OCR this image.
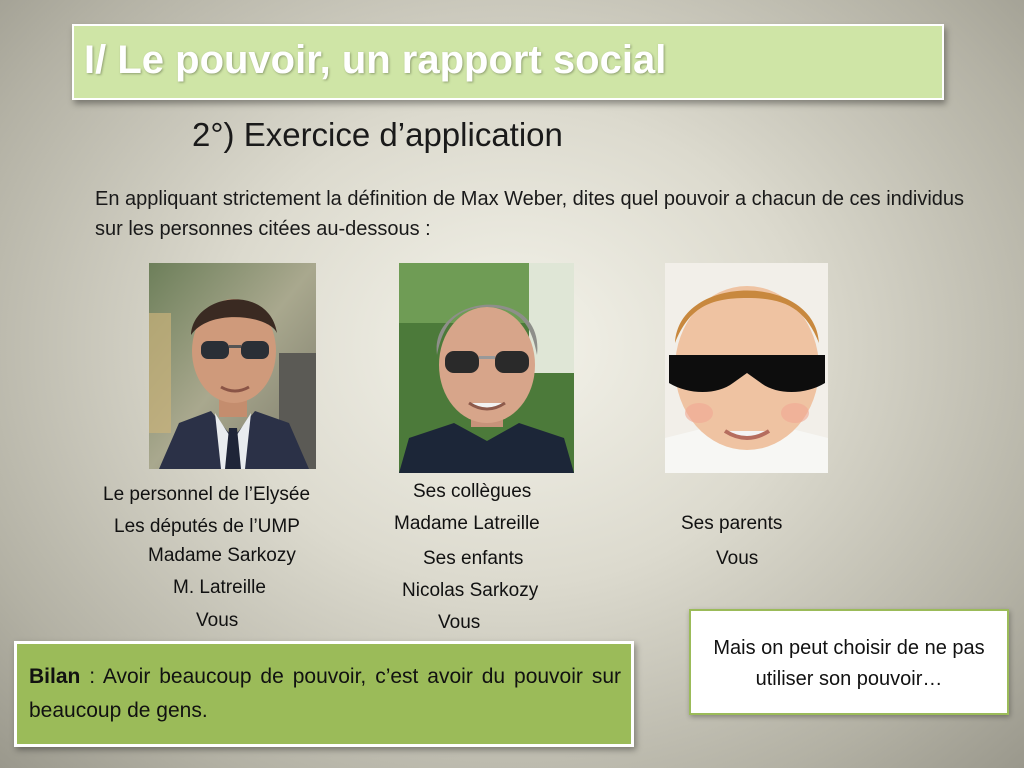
I/ Le pouvoir, un rapport social
2°) Exercice d’application
En appliquant strictement la définition de Max Weber, dites quel pouvoir a chacun de ces individus sur les personnes citées au-dessous :
Le personnel de l’Elysée
Les députés de l’UMP
Madame Sarkozy
M. Latreille
Vous
Ses collègues
Madame Latreille
Ses enfants
Nicolas Sarkozy
Vous
Ses parents
Vous
Bilan : Avoir beaucoup de pouvoir, c’est avoir du pouvoir sur beaucoup de gens.
Mais on peut choisir de ne pas utiliser son pouvoir…
